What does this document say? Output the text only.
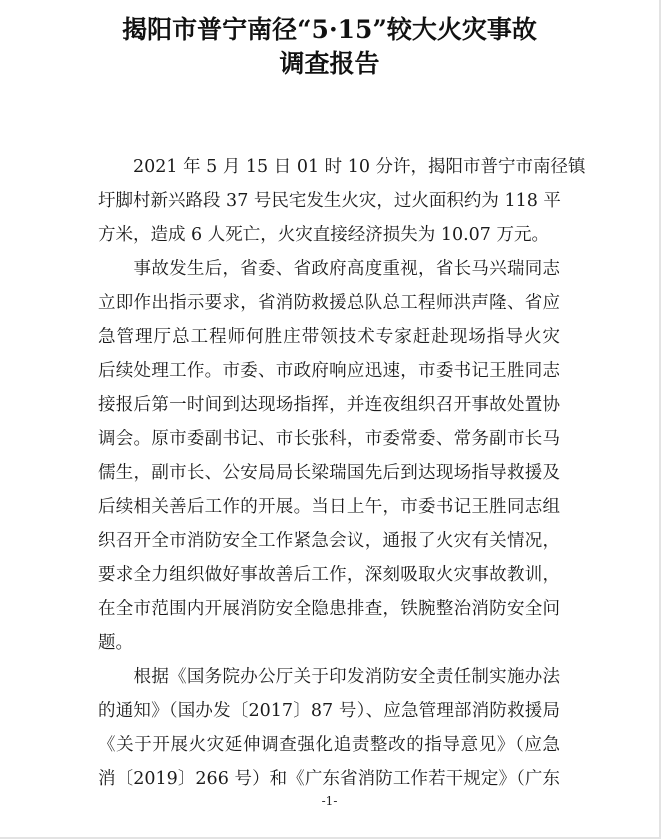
揭阳市普宁南径“5·15”较大火灾事故
调查报告
　　2021 年 5 月 15 日 01 时 10 分许，揭阳市普宁市南径镇
圩脚村新兴路段 37 号民宅发生火灾，过火面积约为 118 平
方米，造成 6 人死亡，火灾直接经济损失为 10.07 万元。
　　事故发生后，省委、省政府高度重视，省长马兴瑞同志
立即作出指示要求，省消防救援总队总工程师洪声隆、省应
急管理厅总工程师何胜庄带领技术专家赶赴现场指导火灾
后续处理工作。市委、市政府响应迅速，市委书记王胜同志
接报后第一时间到达现场指挥，并连夜组织召开事故处置协
调会。原市委副书记、市长张科，市委常委、常务副市长马
儒生，副市长、公安局局长梁瑞国先后到达现场指导救援及
后续相关善后工作的开展。当日上午，市委书记王胜同志组
织召开全市消防安全工作紧急会议，通报了火灾有关情况，
要求全力组织做好事故善后工作，深刻吸取火灾事故教训，
在全市范围内开展消防安全隐患排查，铁腕整治消防安全问
题。
　　根据《国务院办公厅关于印发消防安全责任制实施办法
的通知》（国办发〔2017〕87 号）、应急管理部消防救援局
《关于开展火灾延伸调查强化追责整改的指导意见》（应急
消〔2019〕266 号）和《广东省消防工作若干规定》（广东
-1-
